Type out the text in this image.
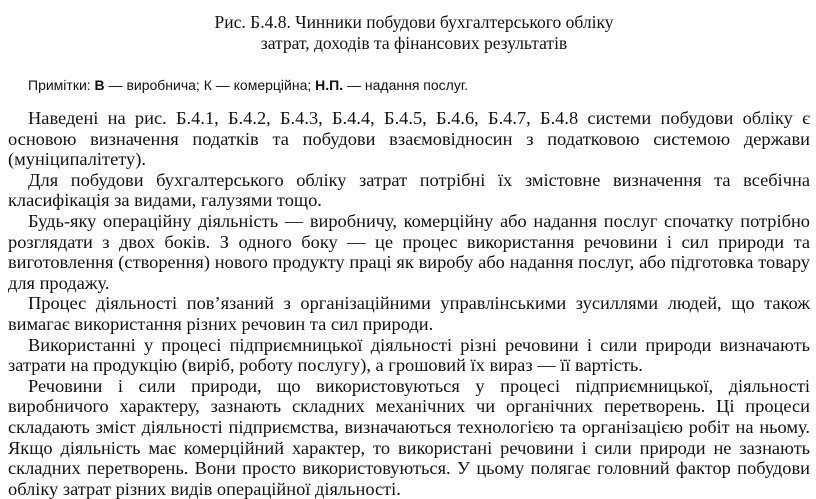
Рис. Б.4.8. Чинники побудови бухгалтерського обліку
затрат, доходів та фінансових результатів

Примітки: В — виробнича; К — комерційна; Н.П. — надання послуг.

Наведені на рис. Б.4.1, Б.4.2, Б.4.3, Б.4.4, Б.4.5, Б.4.6, Б.4.7, Б.4.8 системи побудови обліку є основою визначення податків та побудови взаємовідносин з податковою системою держави (муніципалітету).

Для побудови бухгалтерського обліку затрат потрібні їх змістовне визначення та всебічна класифікація за видами, галузями тощо.

Будь-яку операційну діяльність — виробничу, комерційну або надання послуг спочатку потрібно розглядати з двох боків. З одного боку — це процес використання речовини і сил природи та виготовлення (створення) нового продукту праці як виробу або надання послуг, або підготовка товару для продажу.

Процес діяльності пов’язаний з організаційними управлінськими зусиллями людей, що також вимагає використання різних речовин та сил природи.

Використанні у процесі підприємницької діяльності різні речовини і сили природи визначають затрати на продукцію (виріб, роботу послугу), а грошовий їх вираз — її вартість.

Речовини і сили природи, що використовуються у процесі підприємницької, діяльності виробничого характеру, зазнають складних механічних чи органічних перетворень. Ці процеси складають зміст діяльності підприємства, визначаються технологією та організацією робіт на ньому. Якщо діяльність має комерційний характер, то використані речовини і сили природи не зазнають складних перетворень. Вони просто використовуються. У цьому полягає головний фактор побудови обліку затрат різних видів операційної діяльності.
